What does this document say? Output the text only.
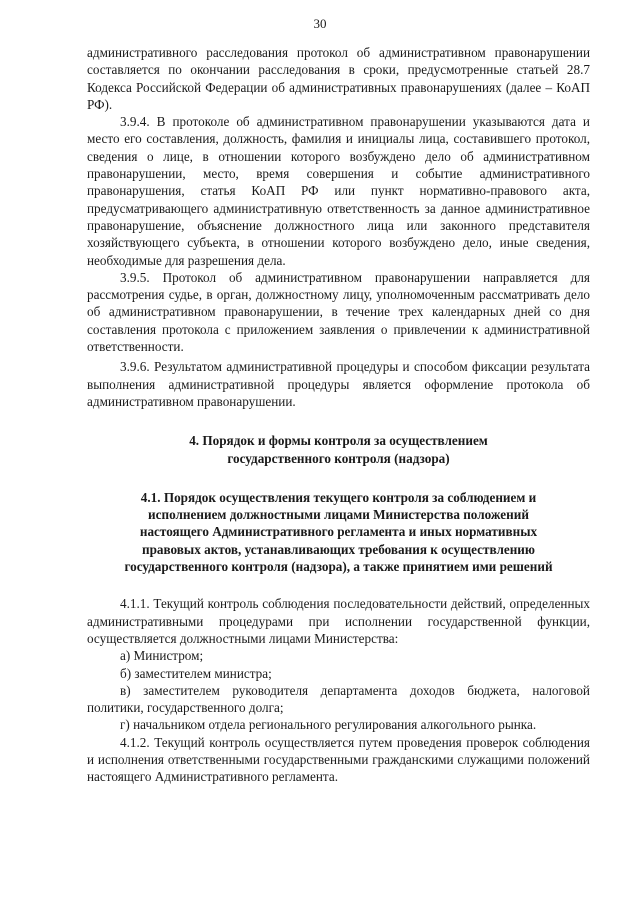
30

административного расследования протокол об административном правонарушении составляется по окончании расследования в сроки, предусмотренные статьей 28.7 Кодекса Российской Федерации об административных правонарушениях (далее – КоАП РФ).

3.9.4. В протоколе об административном правонарушении указываются дата и место его составления, должность, фамилия и инициалы лица, составившего протокол, сведения о лице, в отношении которого возбуждено дело об административном правонарушении, место, время совершения и событие административного правонарушения, статья КоАП РФ или пункт нормативно-правового акта, предусматривающего административную ответственность за данное административное правонарушение, объяснение должностного лица или законного представителя хозяйствующего субъекта, в отношении которого возбуждено дело, иные сведения, необходимые для разрешения дела.

3.9.5. Протокол об административном правонарушении направляется для рассмотрения судье, в орган, должностному лицу, уполномоченным рассматривать дело об административном правонарушении, в течение трех календарных дней со дня составления протокола с приложением заявления о привлечении к административной ответственности.

3.9.6. Результатом административной процедуры и способом фиксации результата выполнения административной процедуры является оформление протокола об административном правонарушении.

4. Порядок и формы контроля за осуществлением государственного контроля (надзора)

4.1. Порядок осуществления текущего контроля за соблюдением и исполнением должностными лицами Министерства положений настоящего Административного регламента и иных нормативных правовых актов, устанавливающих требования к осуществлению государственного контроля (надзора), а также принятием ими решений

4.1.1. Текущий контроль соблюдения последовательности действий, определенных административными процедурами при исполнении государственной функции, осуществляется должностными лицами Министерства:

а) Министром;

б) заместителем министра;

в) заместителем руководителя департамента доходов бюджета, налоговой политики, государственного долга;

г) начальником отдела регионального регулирования алкогольного рынка.

4.1.2. Текущий контроль осуществляется путем проведения проверок соблюдения и исполнения ответственными государственными гражданскими служащими положений настоящего Административного регламента.
